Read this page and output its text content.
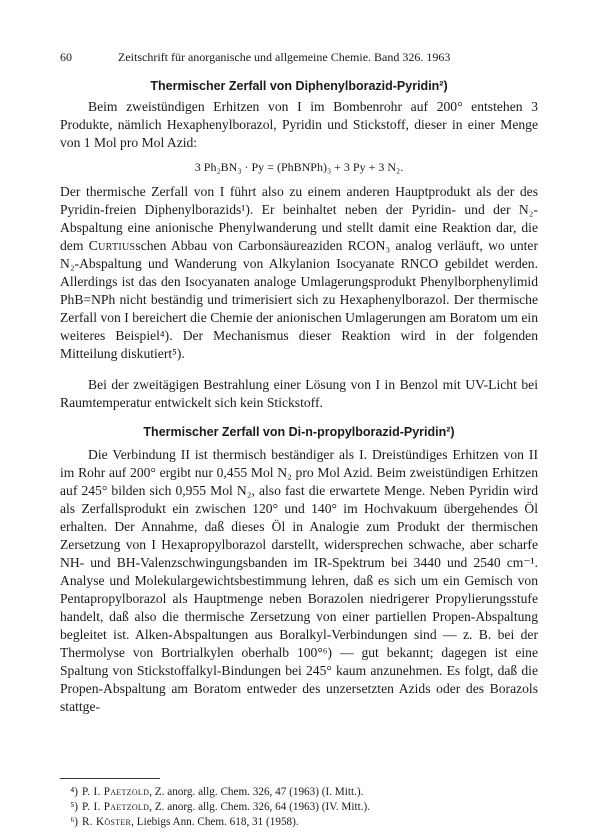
60	Zeitschrift für anorganische und allgemeine Chemie. Band 326. 1963
Thermischer Zerfall von Diphenylborazid-Pyridin²)

Beim zweistündigen Erhitzen von I im Bombenrohr auf 200° entstehen 3 Produkte, nämlich Hexaphenylborazol, Pyridin und Stickstoff, dieser in einer Menge von 1 Mol pro Mol Azid:

3 Ph₂BN₃ · Py = (PhBNPh)₃ + 3 Py + 3 N₂.

Der thermische Zerfall von I führt also zu einem anderen Hauptprodukt als der des Pyridin-freien Diphenylborazids¹). Er beinhaltet neben der Pyridin- und der N₂-Abspaltung eine anionische Phenylwanderung und stellt damit eine Reaktion dar, die dem Curtiusschen Abbau von Carbonsäureaziden RCON₃ analog verläuft, wo unter N₂-Abspaltung und Wanderung von Alkylanion Isocyanate RNCO gebildet werden. Allerdings ist das den Isocyanaten analoge Umlagerungsprodukt Phenylborphenylimid PhB=NPh nicht beständig und trimerisiert sich zu Hexaphenylborazol. Der thermische Zerfall von I bereichert die Chemie der anionischen Umlagerungen am Boratom um ein weiteres Beispiel⁴). Der Mechanismus dieser Reaktion wird in der folgenden Mitteilung diskutiert⁵).

Bei der zweitägigen Bestrahlung einer Lösung von I in Benzol mit UV-Licht bei Raumtemperatur entwickelt sich kein Stickstoff.

Thermischer Zerfall von Di-n-propylborazid-Pyridin²)

Die Verbindung II ist thermisch beständiger als I. Dreistündiges Erhitzen von II im Rohr auf 200° ergibt nur 0,455 Mol N₂ pro Mol Azid. Beim zweistündigen Erhitzen auf 245° bilden sich 0,955 Mol N₂, also fast die erwartete Menge. Neben Pyridin wird als Zerfallsprodukt ein zwischen 120° und 140° im Hochvakuum übergehendes Öl erhalten. Der Annahme, daß dieses Öl in Analogie zum Produkt der thermischen Zersetzung von I Hexapropylborazol darstellt, widersprechen schwache, aber scharfe NH- und BH-Valenzschwingungsbanden im IR-Spektrum bei 3440 und 2540 cm⁻¹. Analyse und Molekulargewichtsbestimmung lehren, daß es sich um ein Gemisch von Pentapropylborazol als Hauptmenge neben Borazolen niedrigerer Propylierungsstufe handelt, daß also die thermische Zersetzung von einer partiellen Propen-Abspaltung begleitet ist. Alken-Abspaltungen aus Boralkyl-Verbindungen sind — z. B. bei der Thermolyse von Bortrialkylen oberhalb 100°⁶) — gut bekannt; dagegen ist eine Spaltung von Stickstoffalkyl-Bindungen bei 245° kaum anzunehmen. Es folgt, daß die Propen-Abspaltung am Boratom entweder des unzersetzten Azids oder des Borazols stattge-

⁴) P. I. Paetzold, Z. anorg. allg. Chem. 326, 47 (1963) (I. Mitt.).
⁵) P. I. Paetzold, Z. anorg. allg. Chem. 326, 64 (1963) (IV. Mitt.).
⁶) R. Köster, Liebigs Ann. Chem. 618, 31 (1958).
